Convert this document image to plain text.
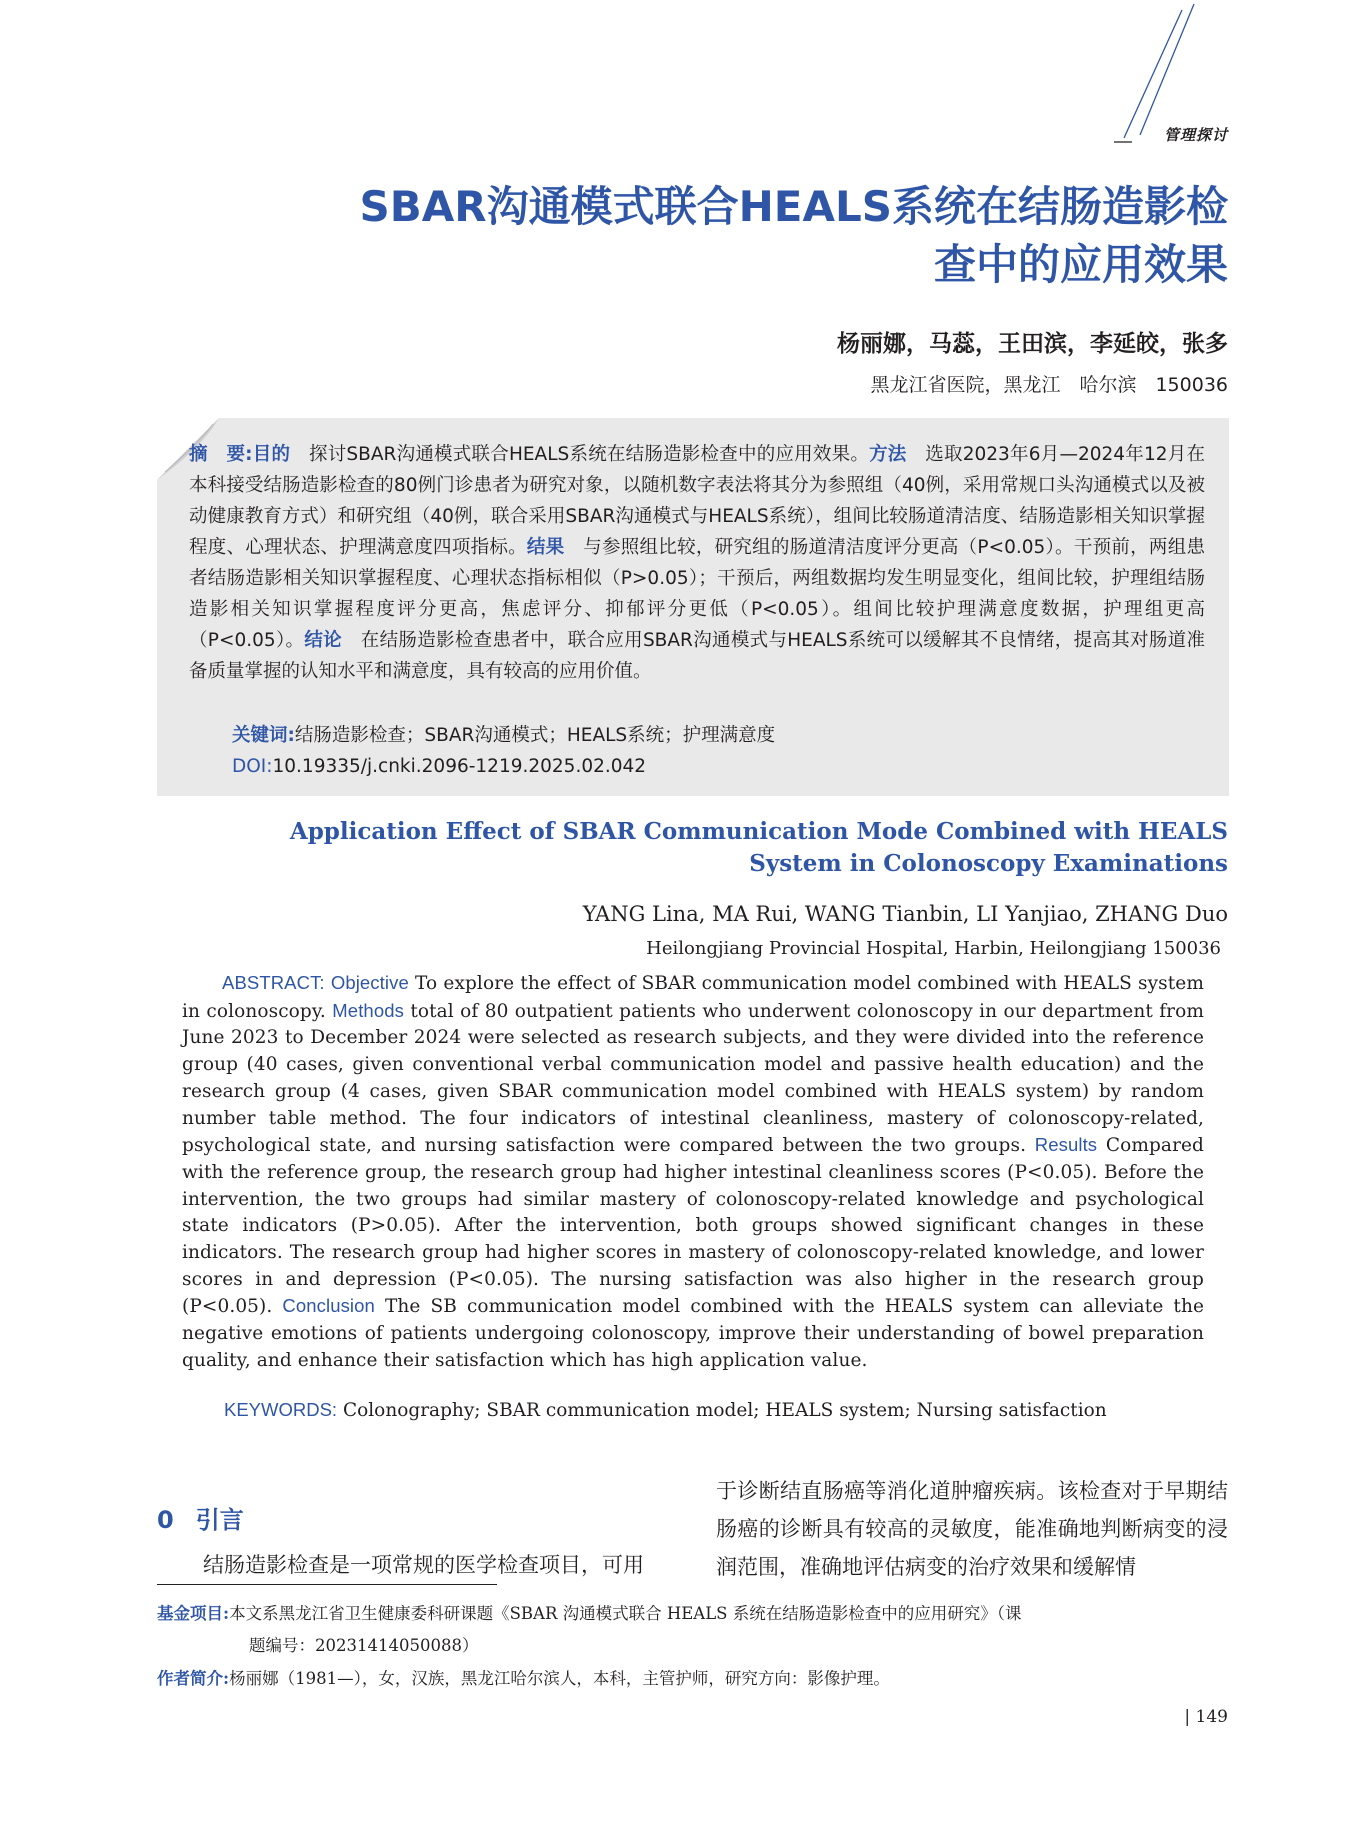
管理探讨
SBAR沟通模式联合HEALS系统在结肠造影检查中的应用效果
杨丽娜，马蕊，王田滨，李延皎，张多
黑龙江省医院，黑龙江　哈尔滨　150036
摘　要:目的　 探讨SBAR沟通模式联合HEALS系统在结肠造影检查中的应用效果。方法　 选取2023年6月—2024年12月在本科接受结肠造影检查的80例门诊患者为研究对象，以随机数字表法将其分为参照组（40例，采用常规口头沟通模式以及被动健康教育方式）和研究组（40例，联合采用SBAR沟通模式与HEALS系统），组间比较肠道清洁度、结肠造影相关知识掌握程度、心理状态、护理满意度四项指标。结果　 与参照组比较，研究组的肠道清洁度评分更高（P<0.05）。干预前，两组患者结肠造影相关知识掌握程度、心理状态指标相似（P>0.05）；干预后，两组数据均发生明显变化，组间比较，护理组结肠造影相关知识掌握程度评分更高，焦虑评分、抑郁评分更低（P<0.05）。组间比较护理满意度数据，护理组更高（P<0.05）。结论　 在结肠造影检查患者中，联合应用SBAR沟通模式与HEALS系统可以缓解其不良情绪，提高其对肠道准备质量掌握的认知水平和满意度，具有较高的应用价值。
关键词:结肠造影检查；SBAR沟通模式；HEALS系统；护理满意度
DOI:10.19335/j.cnki.2096-1219.2025.02.042
Application Effect of SBAR Communication Mode Combined with HEALS System in Colonoscopy Examinations
YANG Lina, MA Rui, WANG Tianbin, LI Yanjiao, ZHANG Duo
Heilongjiang Provincial Hospital, Harbin, Heilongjiang 150036
ABSTRACT: Objective To explore the effect of SBAR communication model combined with HEALS system in colonoscopy. Methods total of 80 outpatient patients who underwent colonoscopy in our department from June 2023 to December 2024 were selected as research subjects, and they were divided into the reference group (40 cases, given conventional verbal communication model and passive health education) and the research group (4 cases, given SBAR communication model combined with HEALS system) by random number table method. The four indicators of intestinal cleanliness, mastery of colonoscopy-related, psychological state, and nursing satisfaction were compared between the two groups. Results Compared with the reference group, the research group had higher intestinal cleanliness scores (P<0.05). Before the intervention, the two groups had similar mastery of colonoscopy-related knowledge and psychological state indicators (P>0.05). After the intervention, both groups showed significant changes in these indicators. The research group had higher scores in mastery of colonoscopy-related knowledge, and lower scores in and depression (P<0.05). The nursing satisfaction was also higher in the research group (P<0.05). Conclusion The SB communication model combined with the HEALS system can alleviate the negative emotions of patients undergoing colonoscopy, improve their understanding of bowel preparation quality, and enhance their satisfaction which has high application value.
KEYWORDS: Colonography; SBAR communication model; HEALS system; Nursing satisfaction
0 引言
结肠造影检查是一项常规的医学检查项目，可用
于诊断结直肠癌等消化道肿瘤疾病。该检查对于早期结肠癌的诊断具有较高的灵敏度，能准确地判断病变的浸润范围，准确地评估病变的治疗效果和缓解情
基金项目:本文系黑龙江省卫生健康委科研课题《SBAR 沟通模式联合 HEALS 系统在结肠造影检查中的应用研究》（课
题编号：20231414050088）
作者简介:杨丽娜（1981—），女，汉族，黑龙江哈尔滨人，本科，主管护师，研究方向：影像护理。
| 149
